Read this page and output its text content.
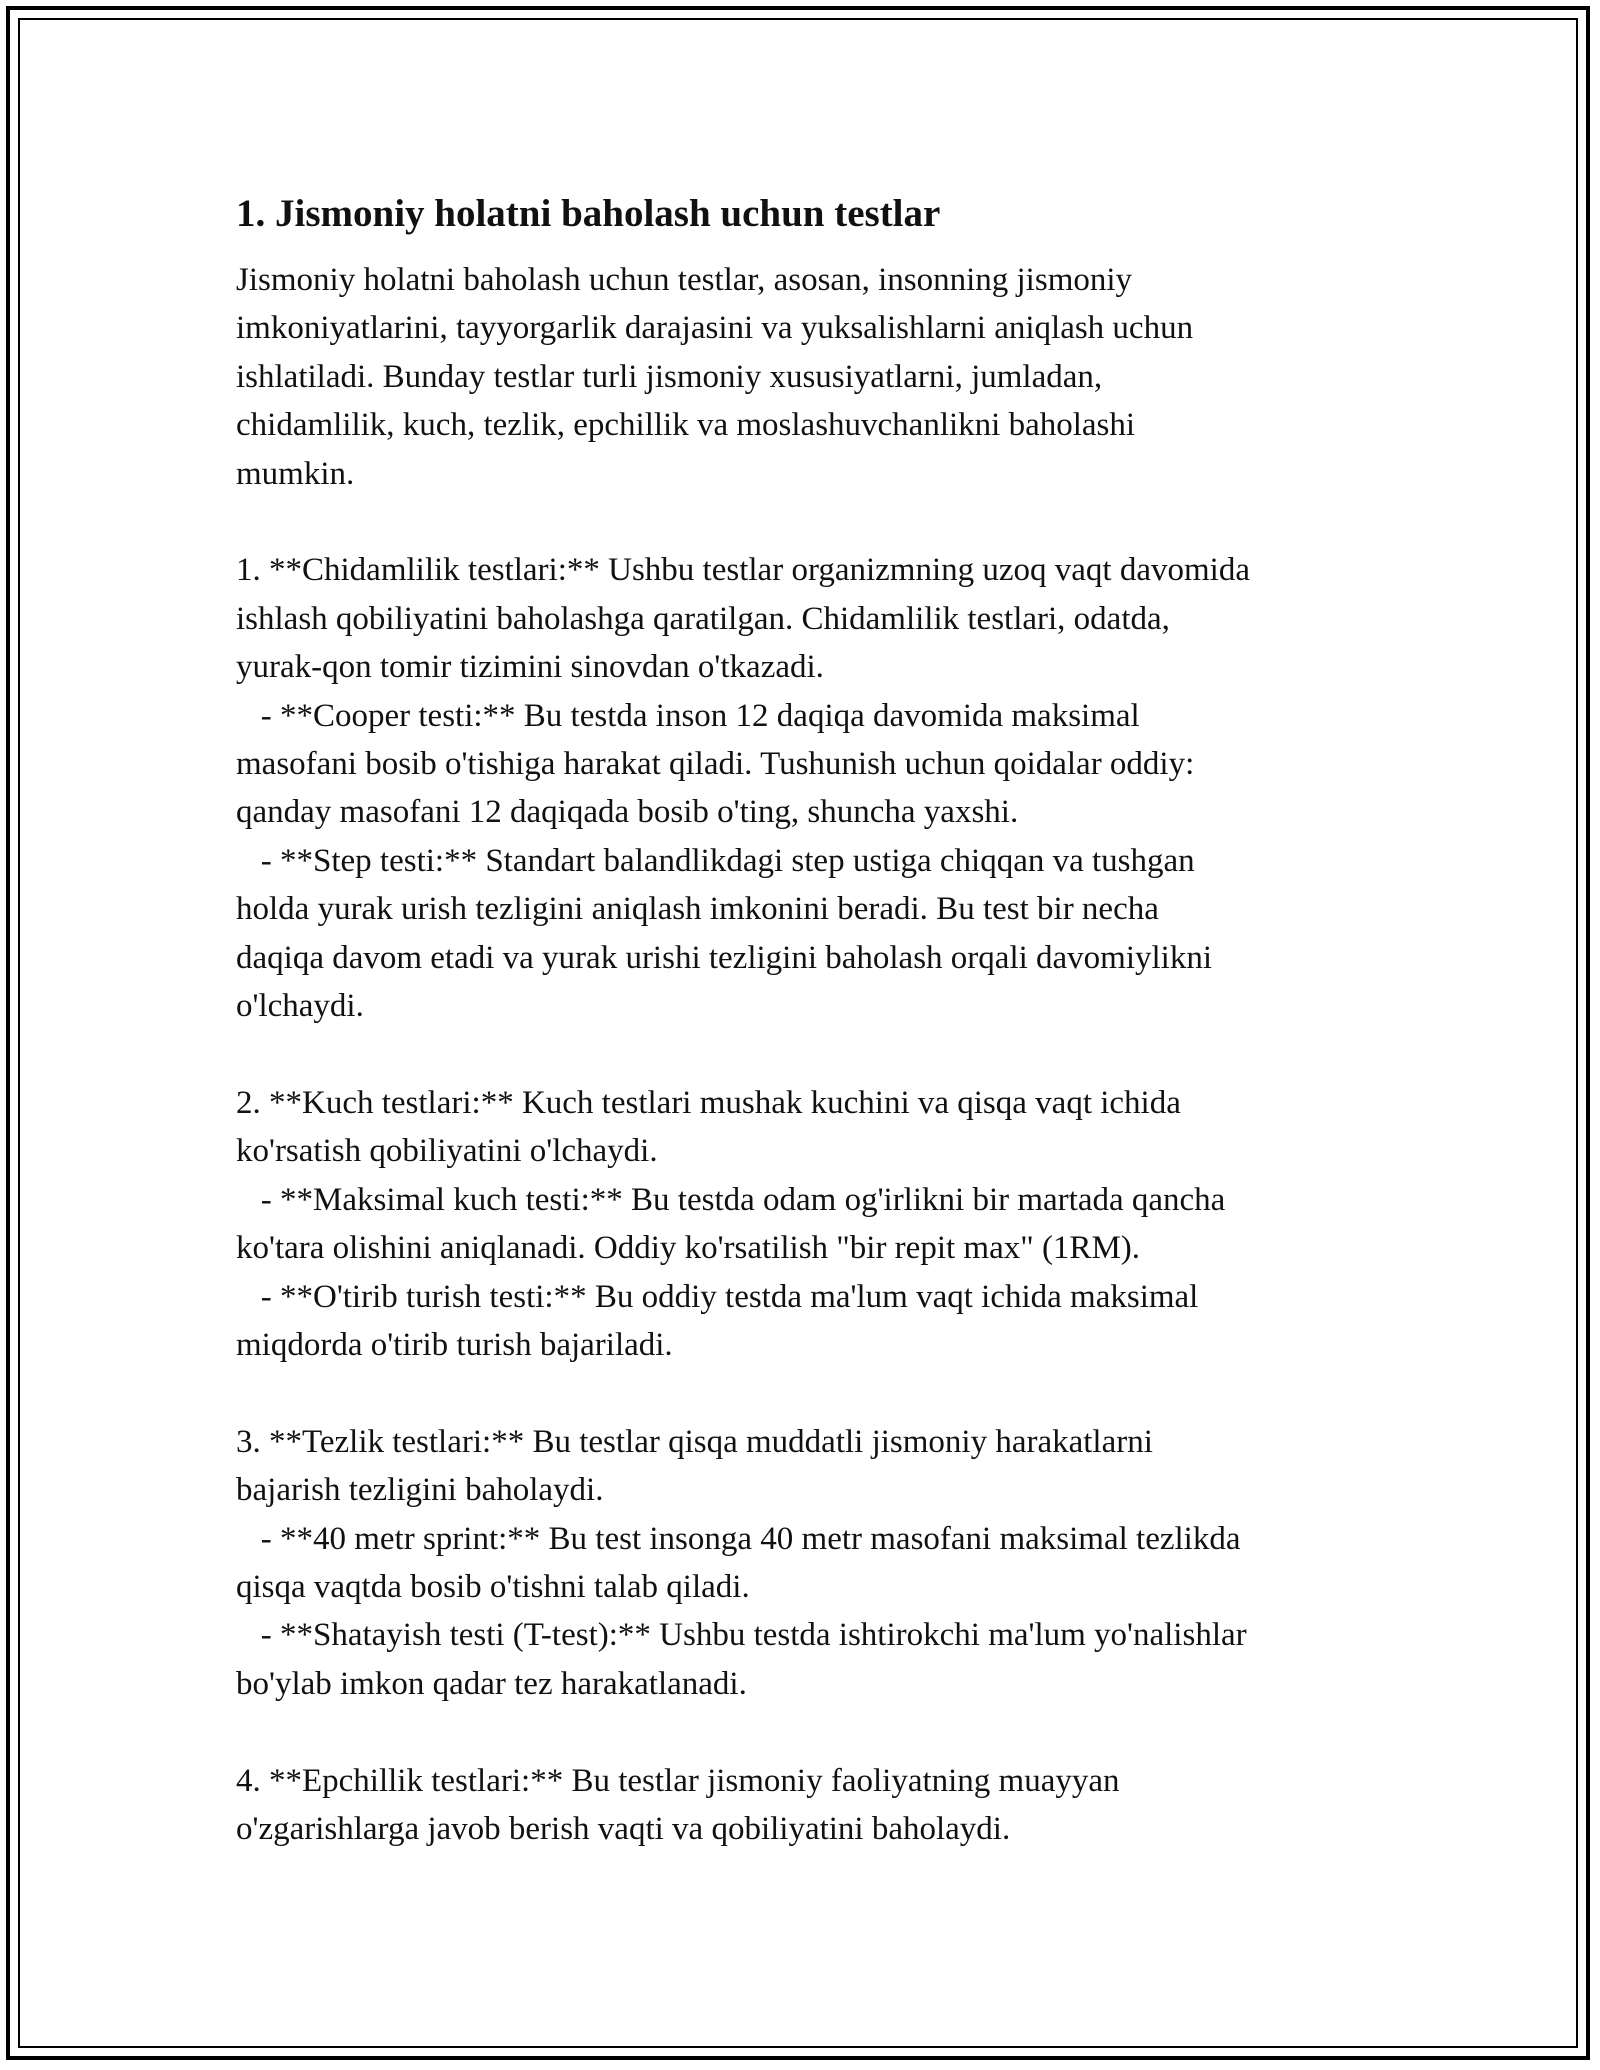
1. Jismoniy holatni baholash uchun testlar
Jismoniy holatni baholash uchun testlar, asosan, insonning jismoniy
imkoniyatlarini, tayyorgarlik darajasini va yuksalishlarni aniqlash uchun
ishlatiladi. Bunday testlar turli jismoniy xususiyatlarni, jumladan,
chidamlilik, kuch, tezlik, epchillik va moslashuvchanlikni baholashi
mumkin.
1. **Chidamlilik testlari:** Ushbu testlar organizmning uzoq vaqt davomida
ishlash qobiliyatini baholashga qaratilgan. Chidamlilik testlari, odatda,
yurak-qon tomir tizimini sinovdan o'tkazadi.
- **Cooper testi:** Bu testda inson 12 daqiqa davomida maksimal
masofani bosib o'tishiga harakat qiladi. Tushunish uchun qoidalar oddiy:
qanday masofani 12 daqiqada bosib o'ting, shuncha yaxshi.
- **Step testi:** Standart balandlikdagi step ustiga chiqqan va tushgan
holda yurak urish tezligini aniqlash imkonini beradi. Bu test bir necha
daqiqa davom etadi va yurak urishi tezligini baholash orqali davomiylikni
o'lchaydi.
2. **Kuch testlari:** Kuch testlari mushak kuchini va qisqa vaqt ichida
ko'rsatish qobiliyatini o'lchaydi.
- **Maksimal kuch testi:** Bu testda odam og'irlikni bir martada qancha
ko'tara olishini aniqlanadi. Oddiy ko'rsatilish "bir repit max" (1RM).
- **O'tirib turish testi:** Bu oddiy testda ma'lum vaqt ichida maksimal
miqdorda o'tirib turish bajariladi.
3. **Tezlik testlari:** Bu testlar qisqa muddatli jismoniy harakatlarni
bajarish tezligini baholaydi.
- **40 metr sprint:** Bu test insonga 40 metr masofani maksimal tezlikda
qisqa vaqtda bosib o'tishni talab qiladi.
- **Shatayish testi (T-test):** Ushbu testda ishtirokchi ma'lum yo'nalishlar
bo'ylab imkon qadar tez harakatlanadi.
4. **Epchillik testlari:** Bu testlar jismoniy faoliyatning muayyan
o'zgarishlarga javob berish vaqti va qobiliyatini baholaydi.
